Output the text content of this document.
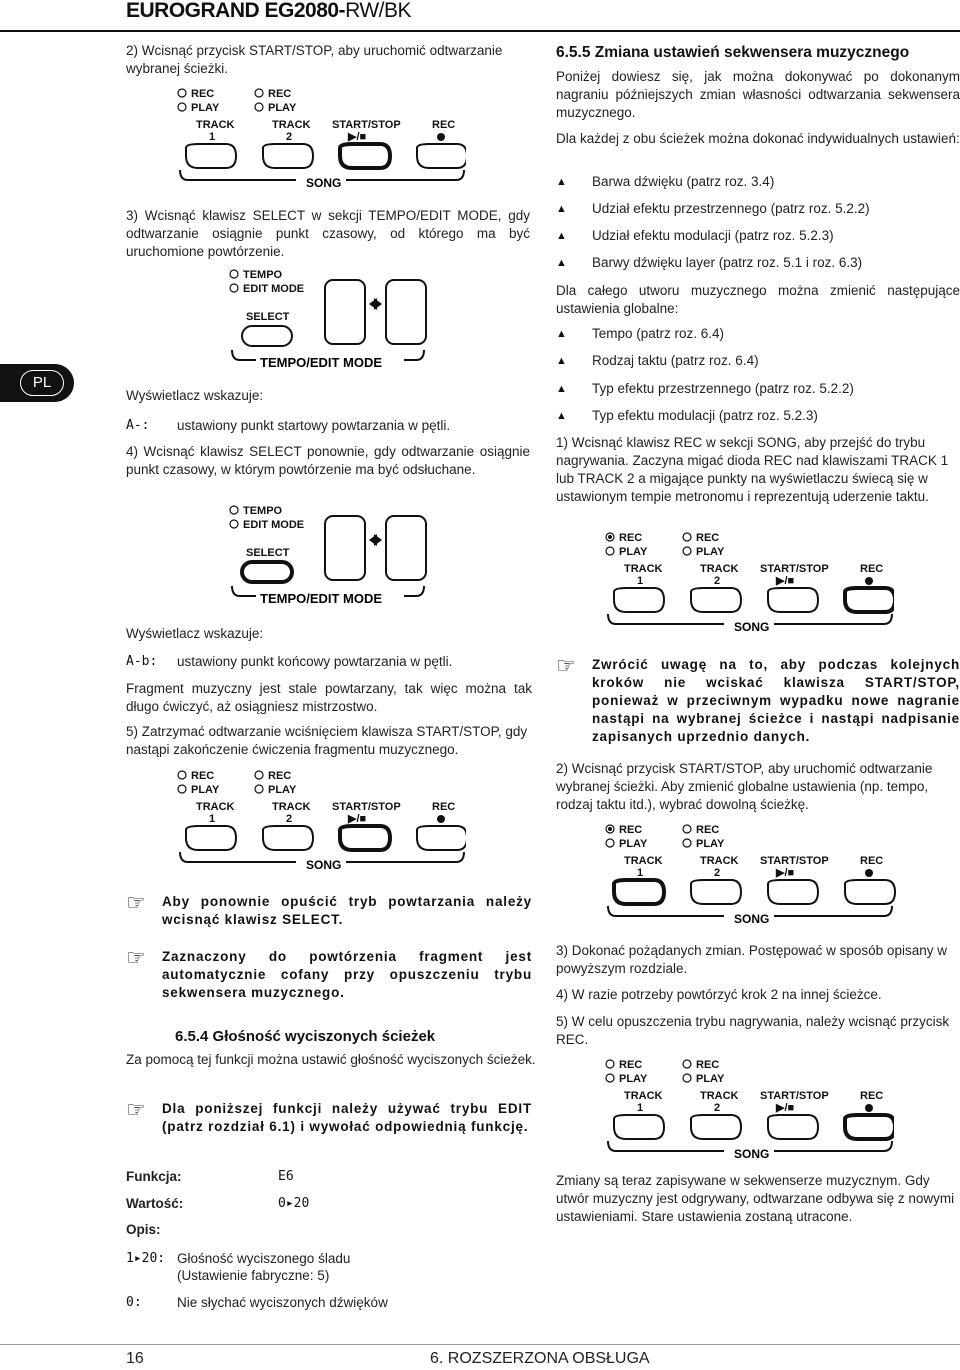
EUROGRAND EG2080-RW/BK
PL
2) Wcisnąć przycisk START/STOP, aby uruchomić odtwarzanie wybranej ścieżki.
REC
PLAY
REC
PLAY
TRACK
1
TRACK
2
START/STOP
▶/■
REC
SONG
3) Wcisnąć klawisz SELECT w sekcji TEMPO/EDIT MODE, gdy odtwarzanie osiągnie punkt czasowy, od którego ma być uruchomione powtórzenie.
TEMPO
EDIT MODE
SELECT
TEMPO/EDIT MODE
Wyświetlacz wskazuje:
A-: ustawiony punkt startowy powtarzania w pętli.
4) Wcisnąć klawisz SELECT ponownie, gdy odtwarzanie osiągnie punkt czasowy, w którym powtórzenie ma być odsłuchane.
TEMPO
EDIT MODE
SELECT
TEMPO/EDIT MODE
Wyświetlacz wskazuje:
A-b: ustawiony punkt końcowy powtarzania w pętli.
Fragment muzyczny jest stale powtarzany, tak więc można tak długo ćwiczyć, aż osiągniesz mistrzostwo.
5) Zatrzymać odtwarzanie wciśnięciem klawisza START/STOP, gdy nastąpi zakończenie ćwiczenia fragmentu muzycznego.
REC
PLAY
REC
PLAY
TRACK
1
TRACK
2
START/STOP
▶/■
REC
SONG
☞	Aby ponownie opuścić tryb powtarzania należy wcisnąć klawisz SELECT.
☞	Zaznaczony do powtórzenia fragment jest automatycznie cofany przy opuszczeniu trybu sekwensera muzycznego.
6.5.4 Głośność wyciszonych ścieżek
Za pomocą tej funkcji można ustawić głośność wyciszonych ścieżek.
☞	Dla poniższej funkcji należy używać trybu EDIT (patrz rozdział 6.1) i wywołać odpowiednią funkcję.
Funkcja:	E6
Wartość:	0▸20
Opis:
1▸20: Głośność wyciszonego śladu
(Ustawienie fabryczne: 5)
0:	Nie słychać wyciszonych dźwięków
6.5.5 Zmiana ustawień sekwensera muzycznego
Poniżej dowiesz się, jak można dokonywać po dokonanym nagraniu późniejszych zmian własności odtwarzania sekwensera muzycznego.
Dla każdej z obu ścieżek można dokonać indywidualnych ustawień:
▲	Barwa dźwięku (patrz roz. 3.4)
▲	Udział efektu przestrzennego (patrz roz. 5.2.2)
▲	Udział efektu modulacji (patrz roz. 5.2.3)
▲	Barwy dźwięku layer (patrz roz. 5.1 i roz. 6.3)
Dla całego utworu muzycznego można zmienić następujące ustawienia globalne:
▲	Tempo (patrz roz. 6.4)
▲	Rodzaj taktu (patrz roz. 6.4)
▲	Typ efektu przestrzennego (patrz roz. 5.2.2)
▲	Typ efektu modulacji (patrz roz. 5.2.3)
1) Wcisnąć klawisz REC w sekcji SONG, aby przejść do trybu nagrywania. Zaczyna migać dioda REC nad klawiszami TRACK 1 lub TRACK 2 a migające punkty na wyświetlaczu świecą się w ustawionym tempie metronomu i reprezentują uderzenie taktu.
REC
PLAY
REC
PLAY
TRACK
1
TRACK
2
START/STOP
▶/■
REC
SONG
☞	Zwrócić uwagę na to, aby podczas kolejnych kroków nie wciskać klawisza START/STOP, ponieważ w przeciwnym wypadku nowe nagranie nastąpi na wybranej ścieżce i nastąpi nadpisanie zapisanych uprzednio danych.
2) Wcisnąć przycisk START/STOP, aby uruchomić odtwarzanie wybranej ścieżki. Aby zmienić globalne ustawienia (np. tempo, rodzaj taktu itd.), wybrać dowolną ścieżkę.
REC
PLAY
REC
PLAY
TRACK
1
TRACK
2
START/STOP
▶/■
REC
SONG
3) Dokonać pożądanych zmian. Postępować w sposób opisany w powyższym rozdziale.
4) W razie potrzeby powtórzyć krok 2 na innej ścieżce.
5) W celu opuszczenia trybu nagrywania, należy wcisnąć przycisk REC.
REC
PLAY
REC
PLAY
TRACK
1
TRACK
2
START/STOP
▶/■
REC
SONG
Zmiany są teraz zapisywane w sekwenserze muzycznym. Gdy utwór muzyczny jest odgrywany, odtwarzane odbywa się z nowymi ustawieniami. Stare ustawienia zostaną utracone.
16	6. ROZSZERZONA OBSŁUGA
